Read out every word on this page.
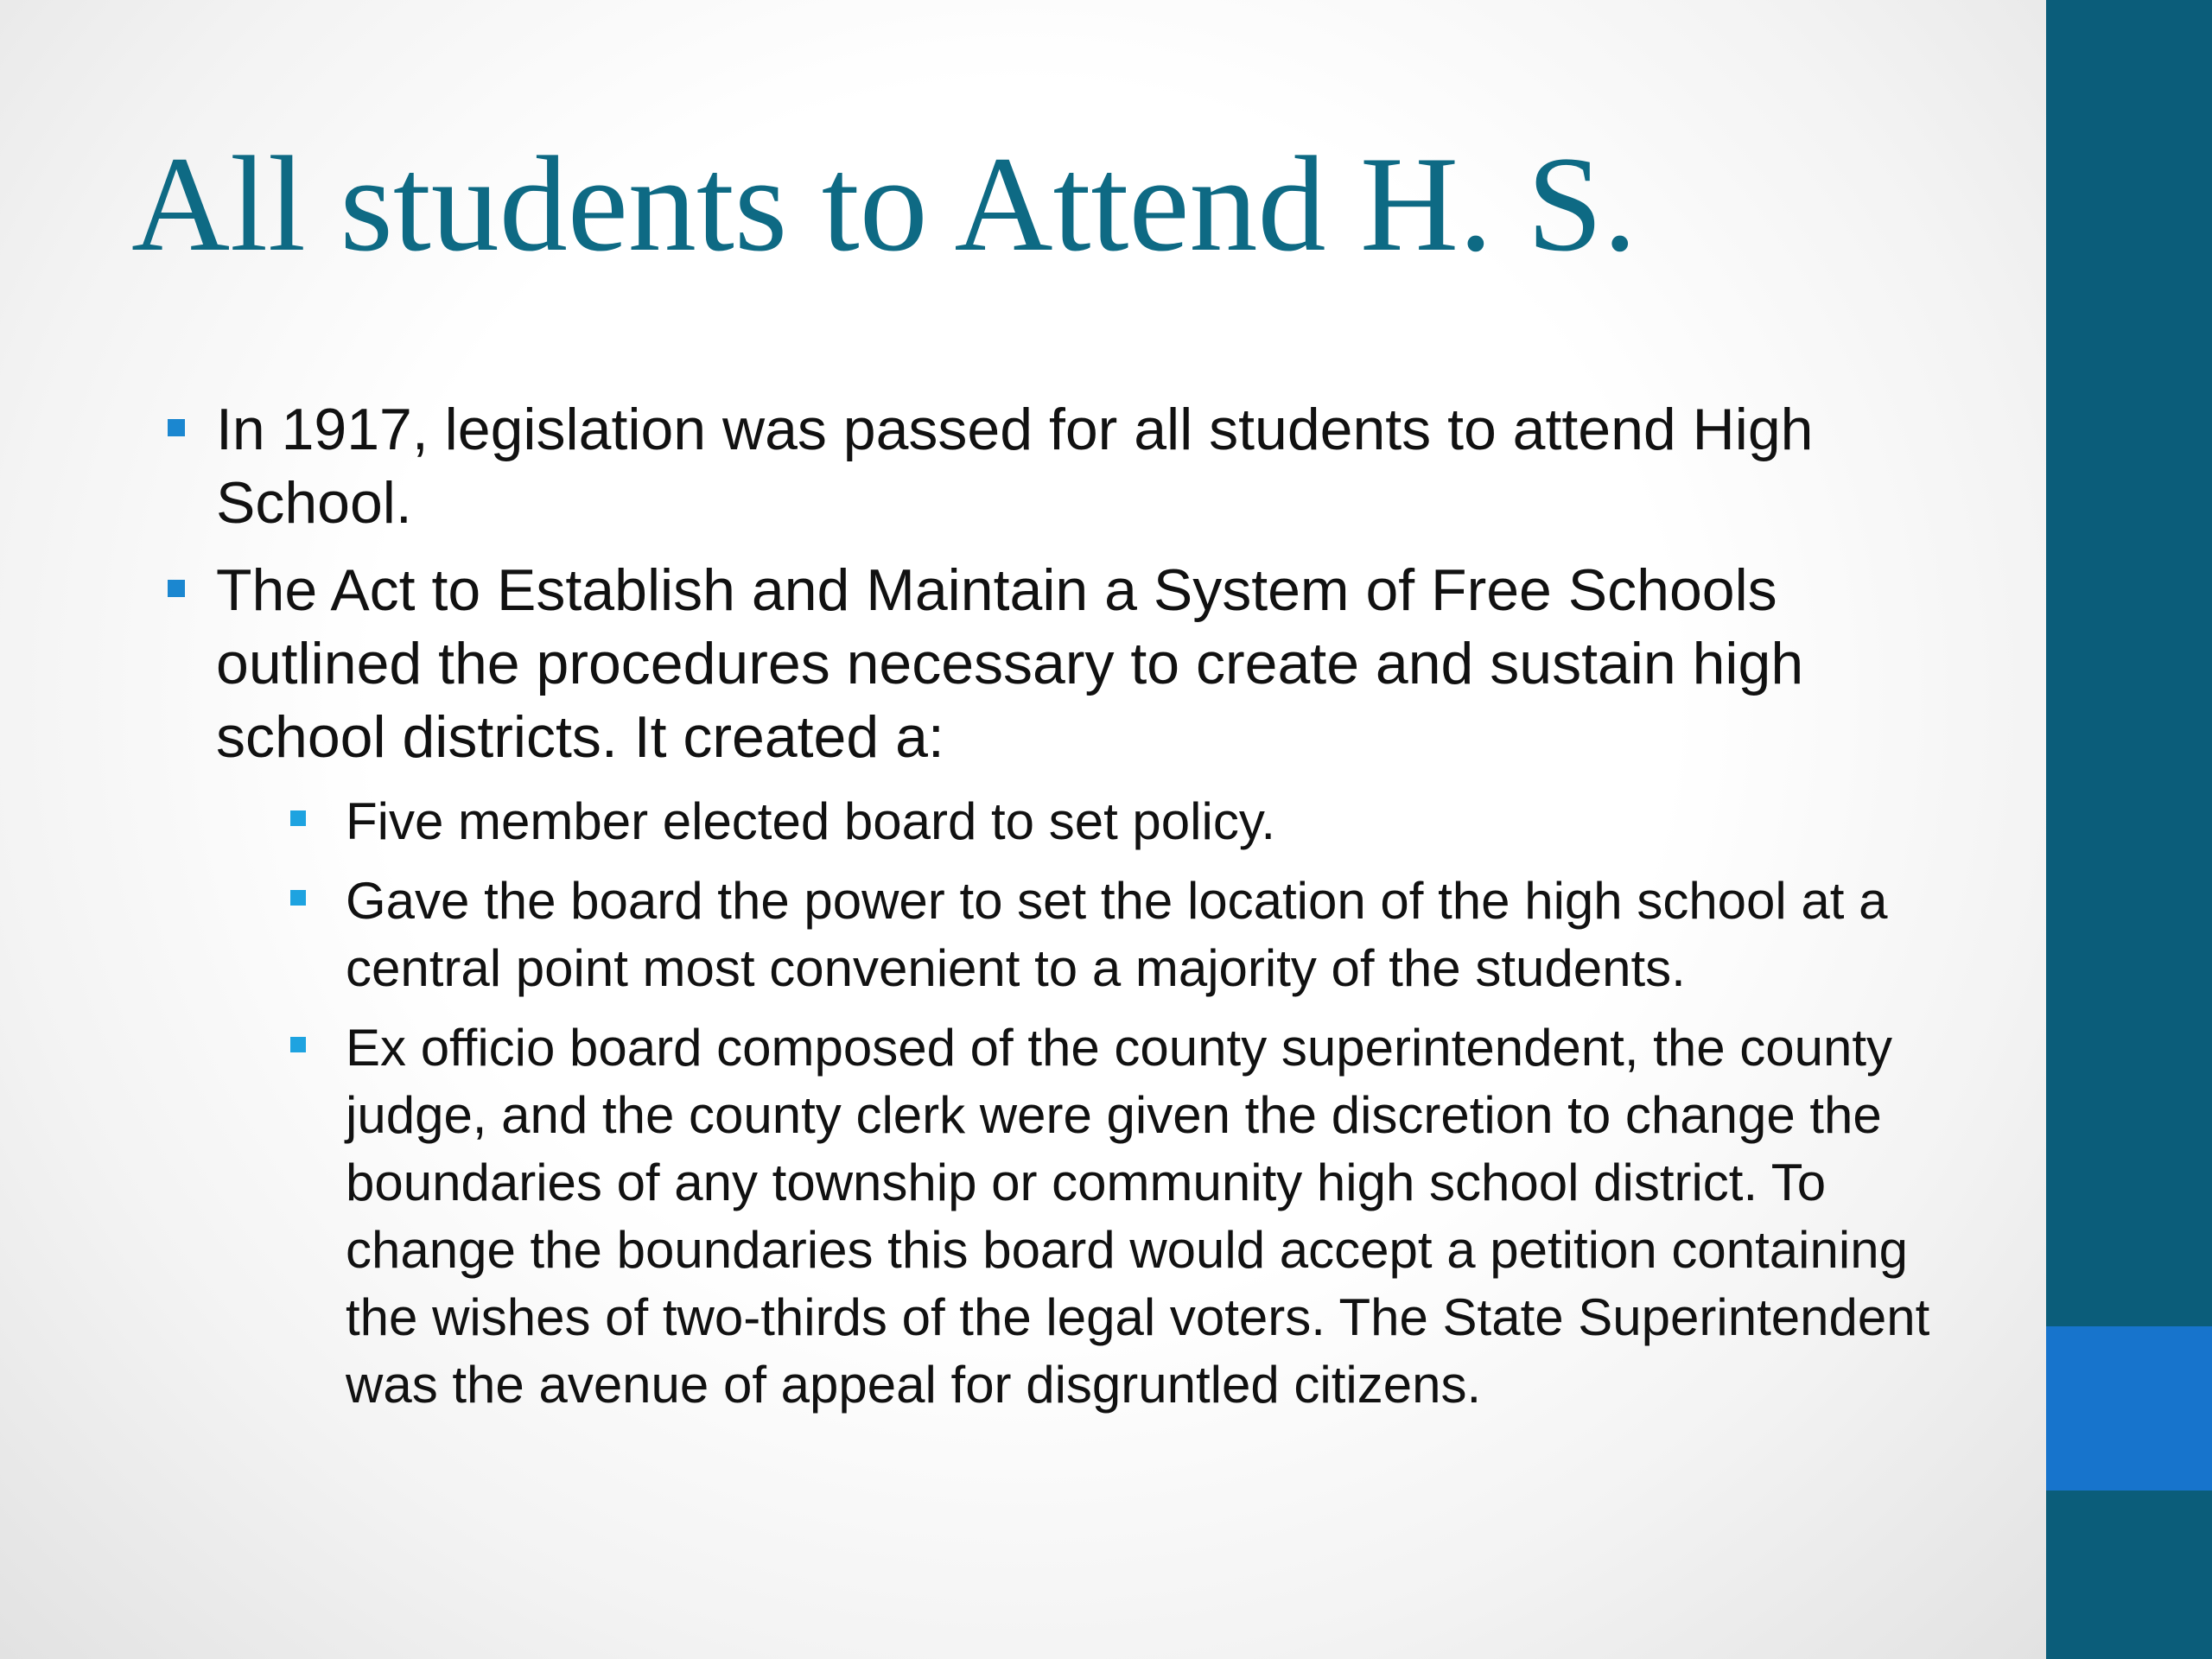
All students to Attend H. S.
In 1917, legislation was passed for all students to attend High School.
The Act to Establish and Maintain a System of Free Schools outlined the procedures necessary to create and sustain high school districts. It created a:
Five member elected board to set policy.
Gave the board the power to set the location of the high school at a central point most convenient to a majority of the students.
Ex officio board composed of the county superintendent, the county judge, and the county clerk were given the discretion to change the boundaries of any township or community high school district. To change the boundaries this board would accept a petition containing the wishes of two-thirds of the legal voters. The State Superintendent was the avenue of appeal for disgruntled citizens.
